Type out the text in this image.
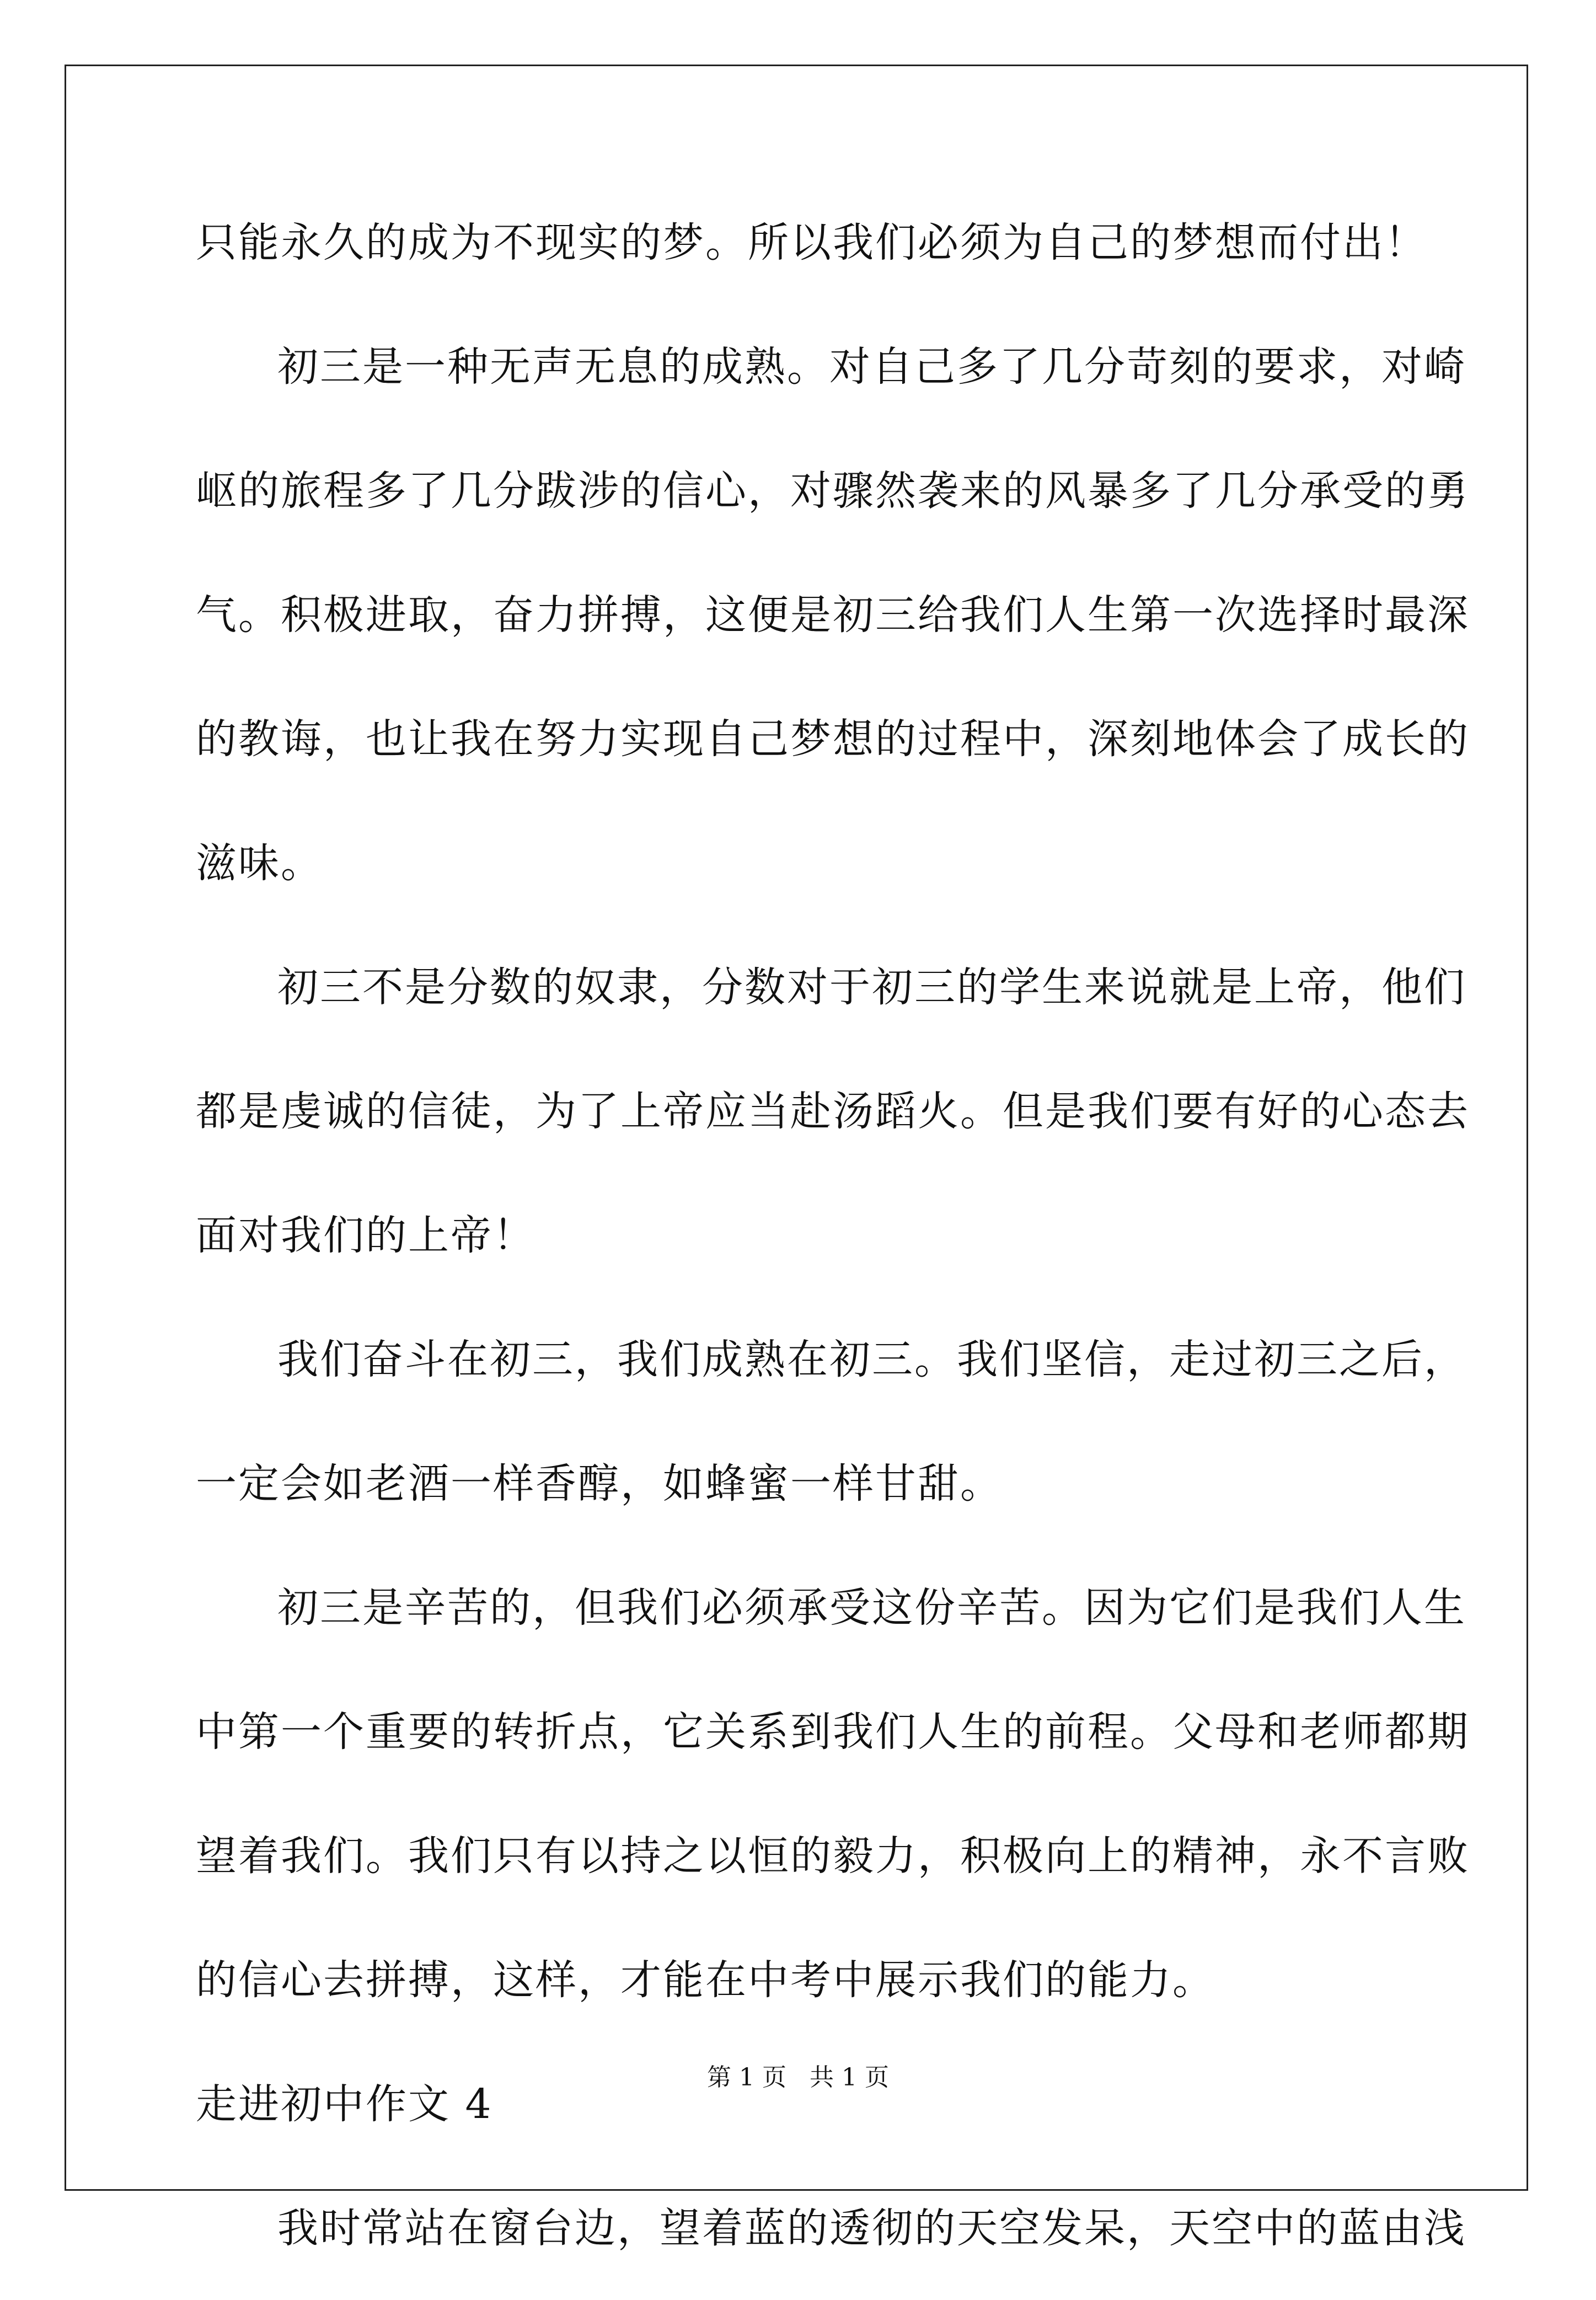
只能永久的成为不现实的梦。所以我们必须为自己的梦想而付出！
初三是一种无声无息的成熟。对自己多了几分苛刻的要求，对崎
岖的旅程多了几分跋涉的信心，对骤然袭来的风暴多了几分承受的勇
气。积极进取，奋力拼搏，这便是初三给我们人生第一次选择时最深
的教诲，也让我在努力实现自己梦想的过程中，深刻地体会了成长的
滋味。
初三不是分数的奴隶，分数对于初三的学生来说就是上帝，他们
都是虔诚的信徒，为了上帝应当赴汤蹈火。但是我们要有好的心态去
面对我们的上帝！
我们奋斗在初三，我们成熟在初三。我们坚信，走过初三之后，
一定会如老酒一样香醇，如蜂蜜一样甘甜。
初三是辛苦的，但我们必须承受这份辛苦。因为它们是我们人生
中第一个重要的转折点，它关系到我们人生的前程。父母和老师都期
望着我们。我们只有以持之以恒的毅力，积极向上的精神，永不言败
的信心去拼搏，这样，才能在中考中展示我们的能力。
走进初中作文 4
我时常站在窗台边，望着蓝的透彻的天空发呆，天空中的蓝由浅
第 1 页 共 1 页
